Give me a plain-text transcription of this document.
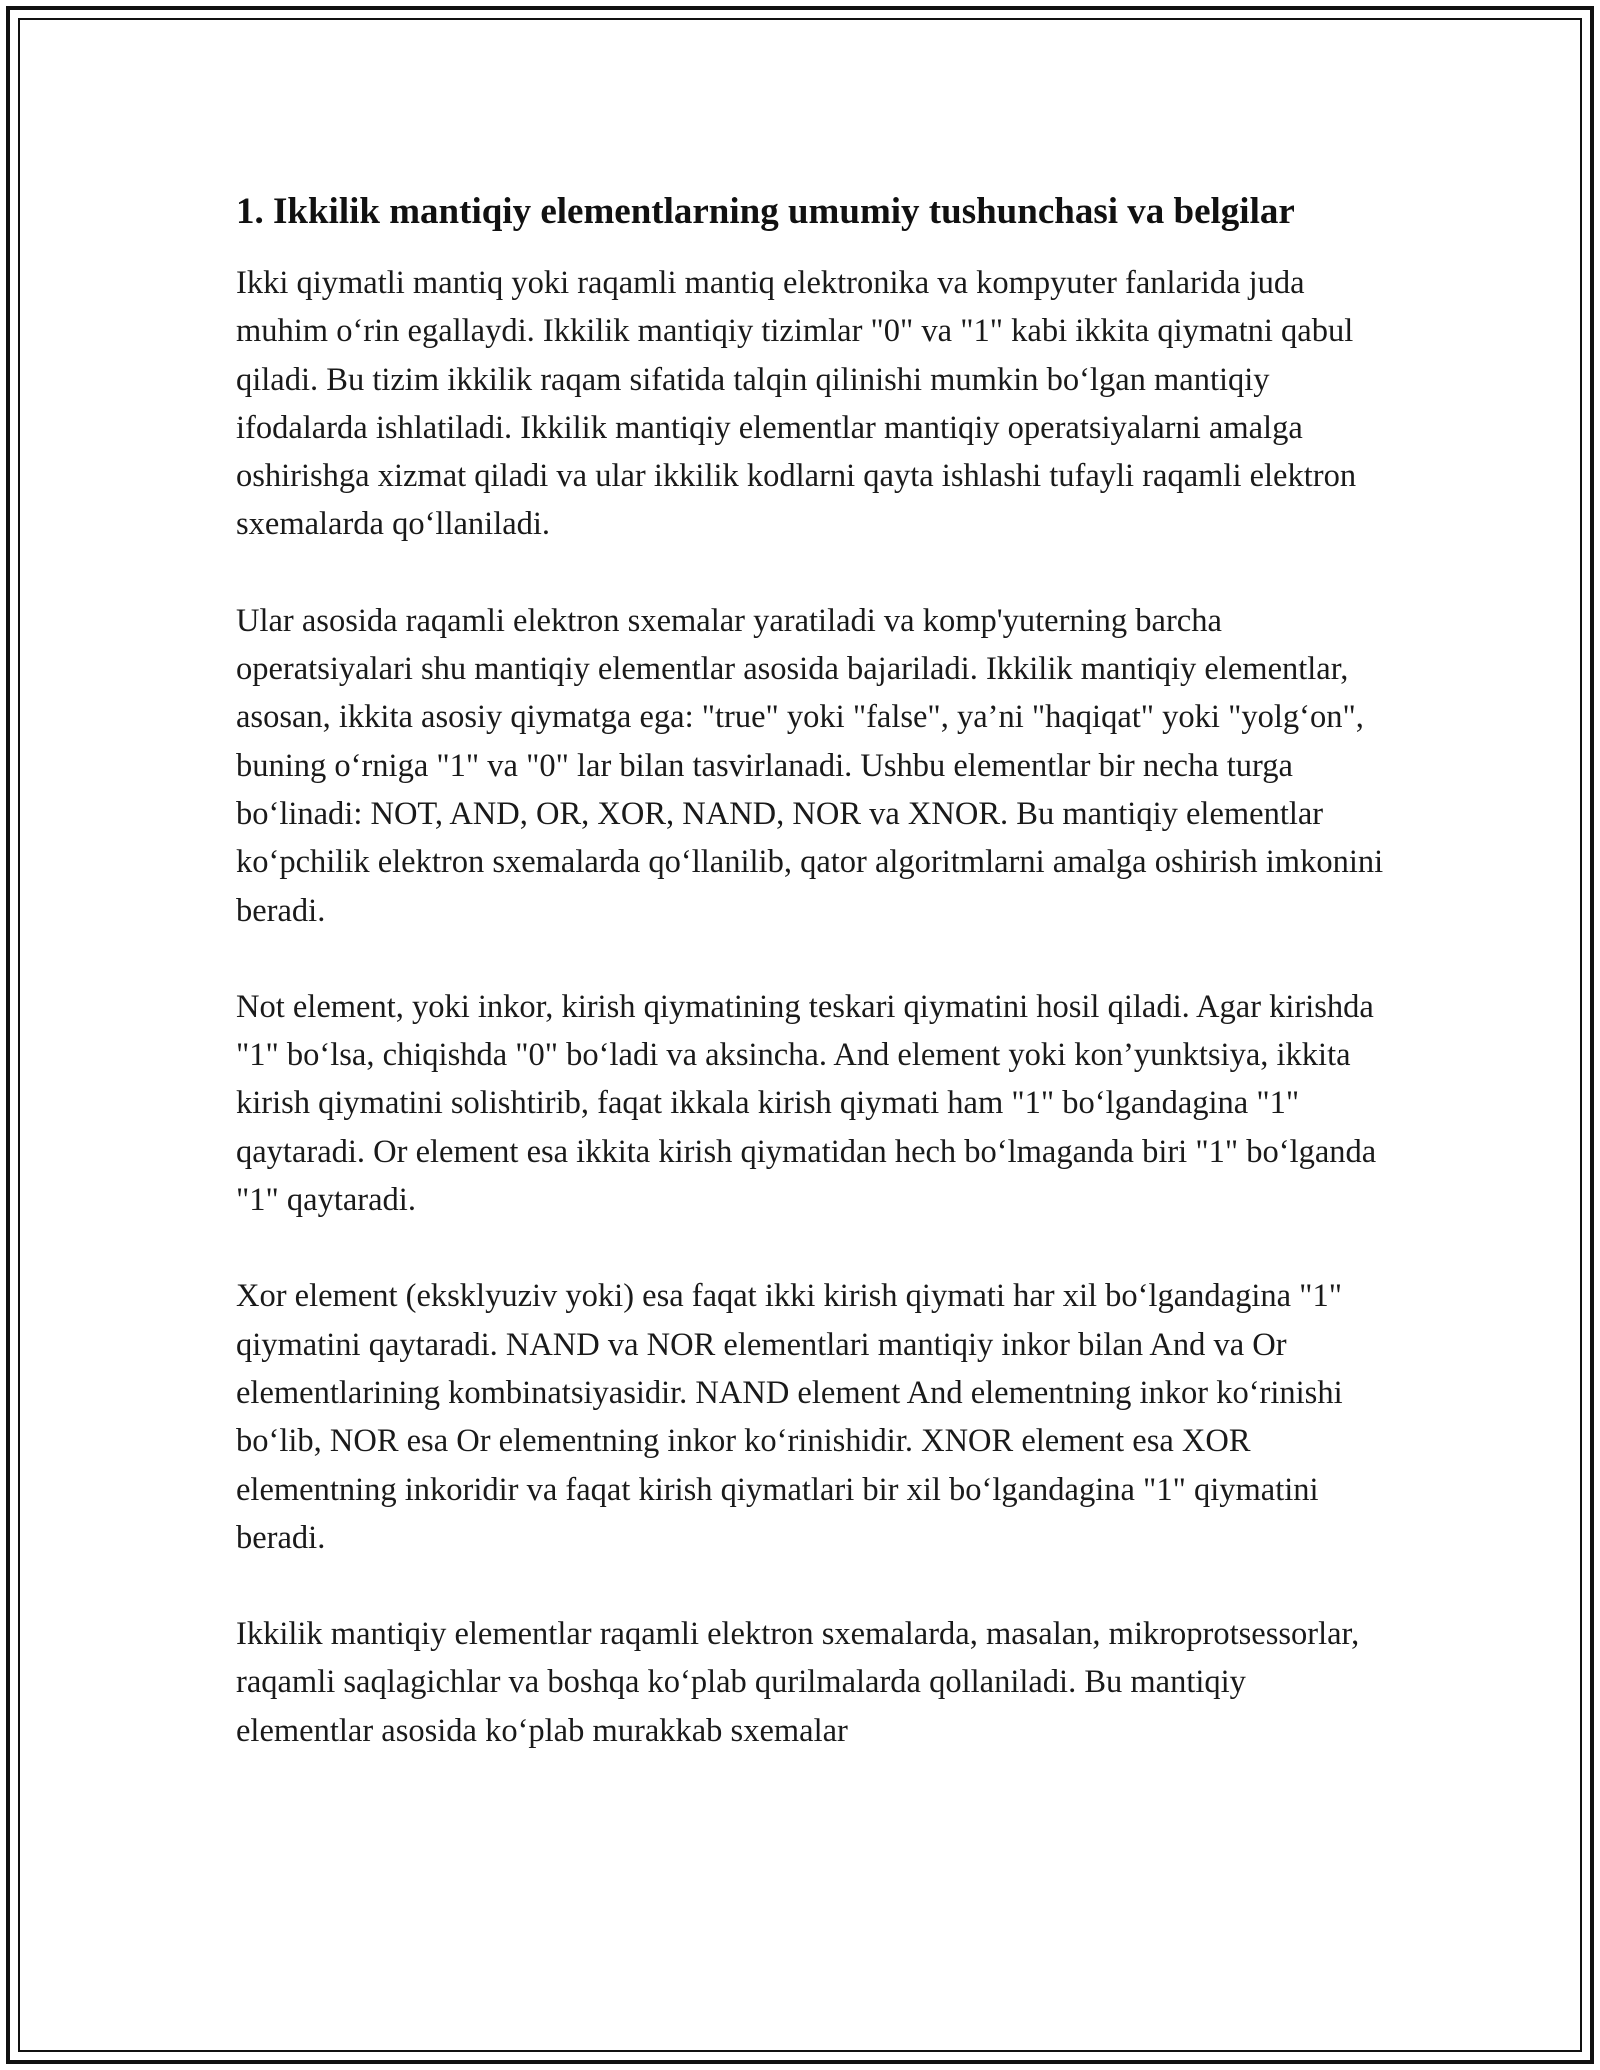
1. Ikkilik mantiqiy elementlarning umumiy tushunchasi va belgilar

Ikki qiymatli mantiq yoki raqamli mantiq elektronika va kompyuter fanlarida juda muhim o‘rin egallaydi. Ikkilik mantiqiy tizimlar "0" va "1" kabi ikkita qiymatni qabul qiladi. Bu tizim ikkilik raqam sifatida talqin qilinishi mumkin bo‘lgan mantiqiy ifodalarda ishlatiladi. Ikkilik mantiqiy elementlar mantiqiy operatsiyalarni amalga oshirishga xizmat qiladi va ular ikkilik kodlarni qayta ishlashi tufayli raqamli elektron sxemalarda qo‘llaniladi.

Ular asosida raqamli elektron sxemalar yaratiladi va komp'yuterning barcha operatsiyalari shu mantiqiy elementlar asosida bajariladi. Ikkilik mantiqiy elementlar, asosan, ikkita asosiy qiymatga ega: "true" yoki "false", ya’ni "haqiqat" yoki "yolg‘on", buning o‘rniga "1" va "0" lar bilan tasvirlanadi. Ushbu elementlar bir necha turga bo‘linadi: NOT, AND, OR, XOR, NAND, NOR va XNOR. Bu mantiqiy elementlar ko‘pchilik elektron sxemalarda qo‘llanilib, qator algoritmlarni amalga oshirish imkonini beradi.

Not element, yoki inkor, kirish qiymatining teskari qiymatini hosil qiladi. Agar kirishda "1" bo‘lsa, chiqishda "0" bo‘ladi va aksincha. And element yoki kon’yunktsiya, ikkita kirish qiymatini solishtirib, faqat ikkala kirish qiymati ham "1" bo‘lgandagina "1" qaytaradi. Or element esa ikkita kirish qiymatidan hech bo‘lmaganda biri "1" bo‘lganda "1" qaytaradi.

Xor element (eksklyuziv yoki) esa faqat ikki kirish qiymati har xil bo‘lgandagina "1" qiymatini qaytaradi. NAND va NOR elementlari mantiqiy inkor bilan And va Or elementlarining kombinatsiyasidir. NAND element And elementning inkor ko‘rinishi bo‘lib, NOR esa Or elementning inkor ko‘rinishidir. XNOR element esa XOR elementning inkoridir va faqat kirish qiymatlari bir xil bo‘lgandagina "1" qiymatini beradi.

Ikkilik mantiqiy elementlar raqamli elektron sxemalarda, masalan, mikroprotsessorlar, raqamli saqlagichlar va boshqa ko‘plab qurilmalarda qollaniladi. Bu mantiqiy elementlar asosida ko‘plab murakkab sxemalar
